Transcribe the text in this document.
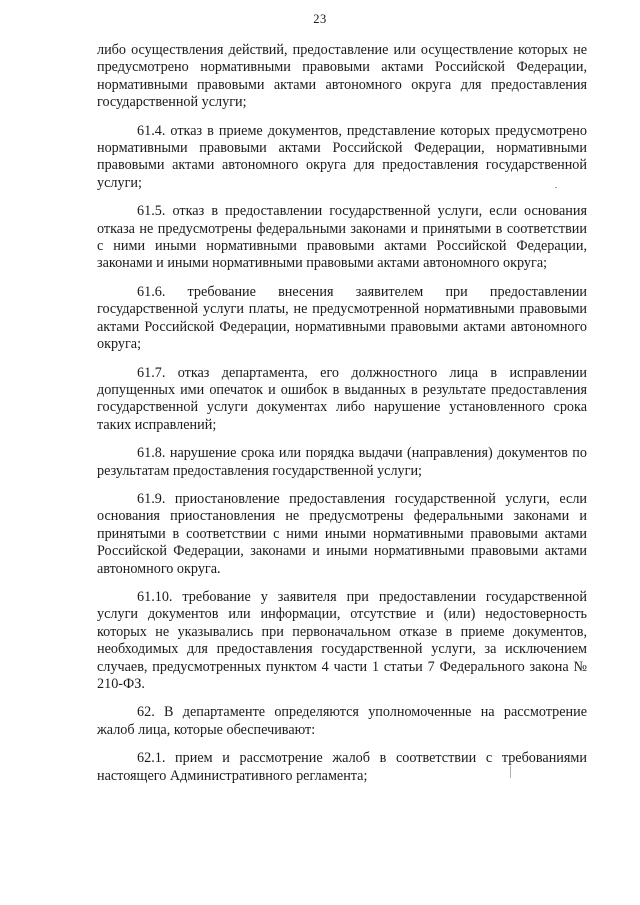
23

либо осуществления действий, предоставление или осуществление которых не предусмотрено нормативными правовыми актами Российской Федерации, нормативными правовыми актами автономного округа для предоставления государственной услуги;

61.4. отказ в приеме документов, представление которых предусмотрено нормативными правовыми актами Российской Федерации, нормативными правовыми актами автономного округа для предоставления государственной услуги;

61.5. отказ в предоставлении государственной услуги, если основания отказа не предусмотрены федеральными законами и принятыми в соответствии с ними иными нормативными правовыми актами Российской Федерации, законами и иными нормативными правовыми актами автономного округа;

61.6. требование внесения заявителем при предоставлении государственной услуги платы, не предусмотренной нормативными правовыми актами Российской Федерации, нормативными правовыми актами автономного округа;

61.7. отказ департамента, его должностного лица в исправлении допущенных ими опечаток и ошибок в выданных в результате предоставления государственной услуги документах либо нарушение установленного срока таких исправлений;

61.8. нарушение срока или порядка выдачи (направления) документов по результатам предоставления государственной услуги;

61.9. приостановление предоставления государственной услуги, если основания приостановления не предусмотрены федеральными законами и принятыми в соответствии с ними иными нормативными правовыми актами Российской Федерации, законами и иными нормативными правовыми актами автономного округа.

61.10. требование у заявителя при предоставлении государственной услуги документов или информации, отсутствие и (или) недостоверность которых не указывались при первоначальном отказе в приеме документов, необходимых для предоставления государственной услуги, за исключением случаев, предусмотренных пунктом 4 части 1 статьи 7 Федерального закона № 210-ФЗ.

62. В департаменте определяются уполномоченные на рассмотрение жалоб лица, которые обеспечивают:

62.1. прием и рассмотрение жалоб в соответствии с требованиями настоящего Административного регламента;
